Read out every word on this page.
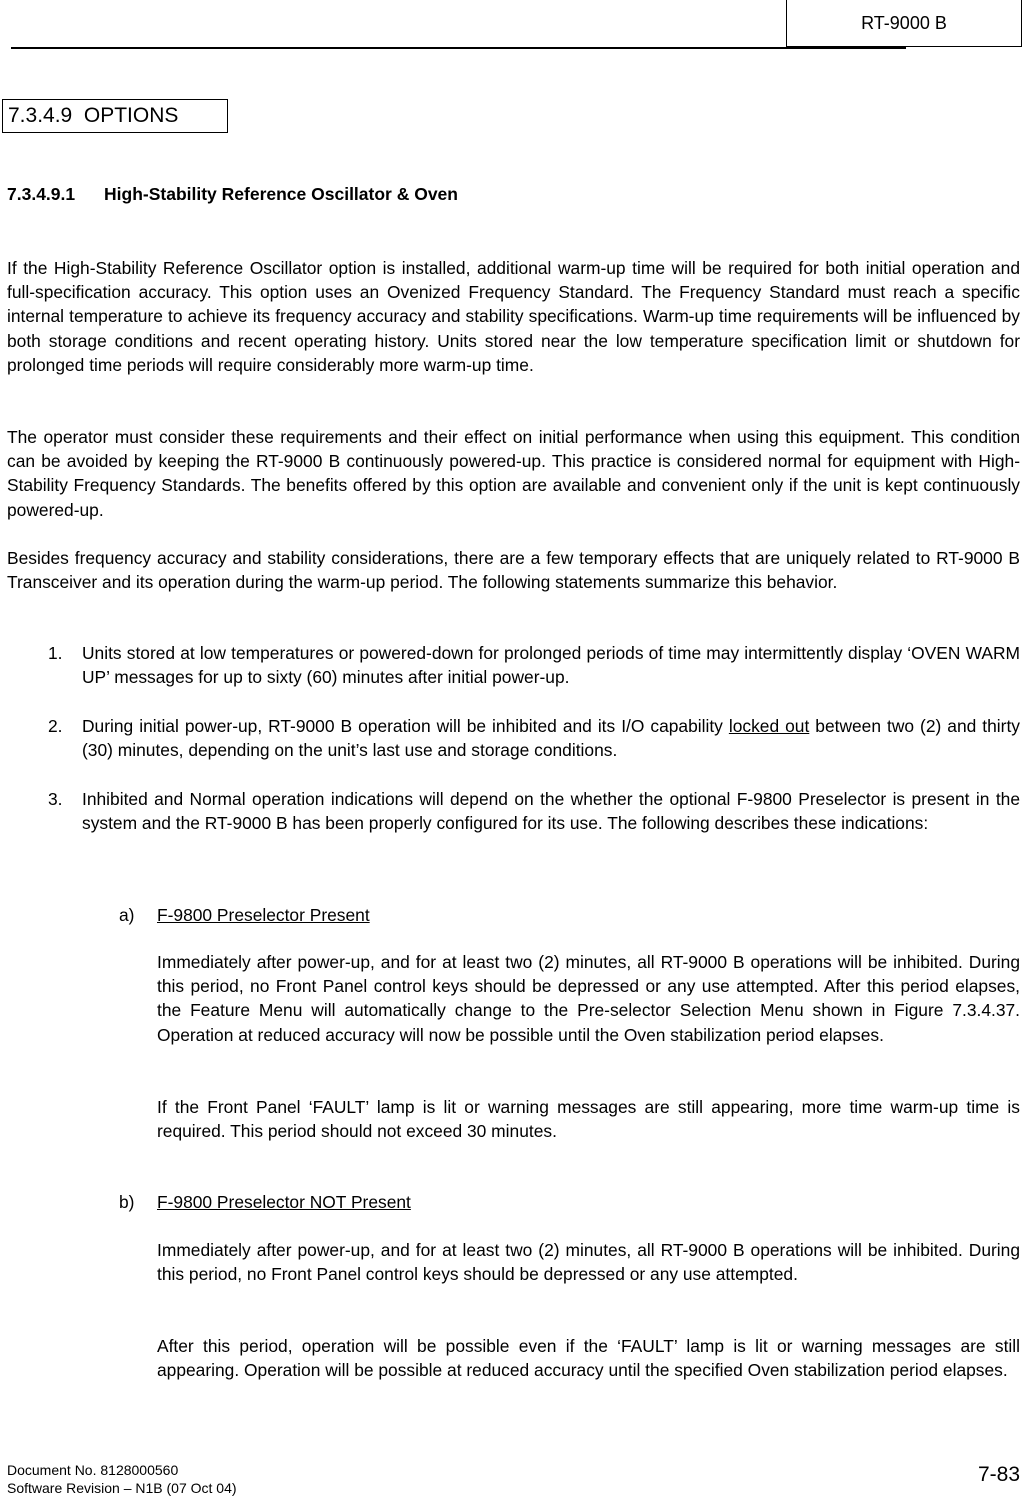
RT-9000 B
7.3.4.9  OPTIONS
7.3.4.9.1 High-Stability Reference Oscillator & Oven
If the High-Stability Reference Oscillator option is installed, additional warm-up time will be required for both initial operation and full-specification accuracy. This option uses an Ovenized Frequency Standard. The Frequency Standard must reach a specific internal temperature to achieve its frequency accuracy and stability specifications. Warm-up time requirements will be influenced by both storage conditions and recent operating history. Units stored near the low temperature specification limit or shutdown for prolonged time periods will require considerably more warm-up time.
The operator must consider these requirements and their effect on initial performance when using this equipment. This condition can be avoided by keeping the RT-9000 B continuously powered-up. This practice is considered normal for equipment with High-Stability Frequency Standards. The benefits offered by this option are available and convenient only if the unit is kept continuously powered-up.
Besides frequency accuracy and stability considerations, there are a few temporary effects that are uniquely related to RT-9000 B Transceiver and its operation during the warm-up period. The following statements summarize this behavior.
1. Units stored at low temperatures or powered-down for prolonged periods of time may intermittently display ‘OVEN WARM UP’ messages for up to sixty (60) minutes after initial power-up.
2. During initial power-up, RT-9000 B operation will be inhibited and its I/O capability locked out between two (2) and thirty (30) minutes, depending on the unit’s last use and storage conditions.
3. Inhibited and Normal operation indications will depend on the whether the optional F-9800 Preselector is present in the system and the RT-9000 B has been properly configured for its use. The following describes these indications:
a) F-9800 Preselector Present
Immediately after power-up, and for at least two (2) minutes, all RT-9000 B operations will be inhibited. During this period, no Front Panel control keys should be depressed or any use attempted. After this period elapses, the Feature Menu will automatically change to the Pre-selector Selection Menu shown in Figure 7.3.4.37. Operation at reduced accuracy will now be possible until the Oven stabilization period elapses.
If the Front Panel ‘FAULT’ lamp is lit or warning messages are still appearing, more time warm-up time is required. This period should not exceed 30 minutes.
b) F-9800 Preselector NOT Present
Immediately after power-up, and for at least two (2) minutes, all RT-9000 B operations will be inhibited. During this period, no Front Panel control keys should be depressed or any use attempted.
After this period, operation will be possible even if the ‘FAULT’ lamp is lit or warning messages are still appearing. Operation will be possible at reduced accuracy until the specified Oven stabilization period elapses.
Document No. 8128000560
Software Revision – N1B (07 Oct 04)
7-83
